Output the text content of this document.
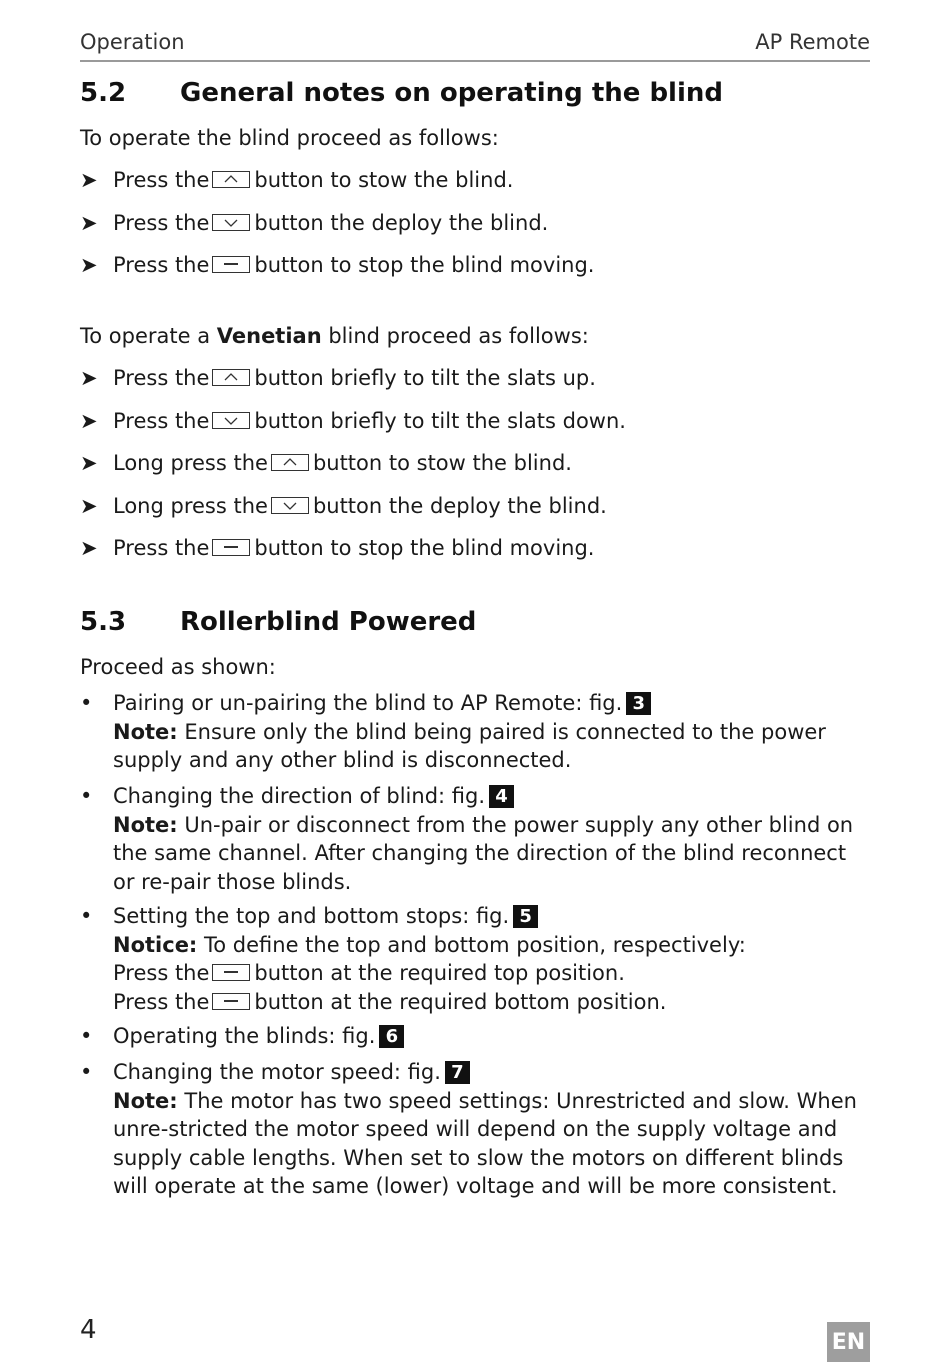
Operation	AP Remote
5.2 General notes on operating the blind
To operate the blind proceed as follows:
➤ Press the button to stow the blind.
➤ Press the button the deploy the blind.
➤ Press the button to stop the blind moving.
To operate a Venetian blind proceed as follows:
➤ Press the button briefly to tilt the slats up.
➤ Press the button briefly to tilt the slats down.
➤ Long press the button to stow the blind.
➤ Long press the button the deploy the blind.
➤ Press the button to stop the blind moving.
5.3 Rollerblind Powered
Proceed as shown:
• Pairing or un-pairing the blind to AP Remote: fig. 3
Note: Ensure only the blind being paired is connected to the power supply and any other blind is disconnected.
• Changing the direction of blind: fig. 4
Note: Un-pair or disconnect from the power supply any other blind on the same channel. After changing the direction of the blind reconnect or re-pair those blinds.
• Setting the top and bottom stops: fig. 5
Notice: To define the top and bottom position, respectively:
Press the button at the required top position.
Press the button at the required bottom position.
• Operating the blinds: fig. 6
• Changing the motor speed: fig. 7
Note: The motor has two speed settings: Unrestricted and slow. When unre-stricted the motor speed will depend on the supply voltage and supply cable lengths. When set to slow the motors on different blinds will operate at the same (lower) voltage and will be more consistent.
4	EN
